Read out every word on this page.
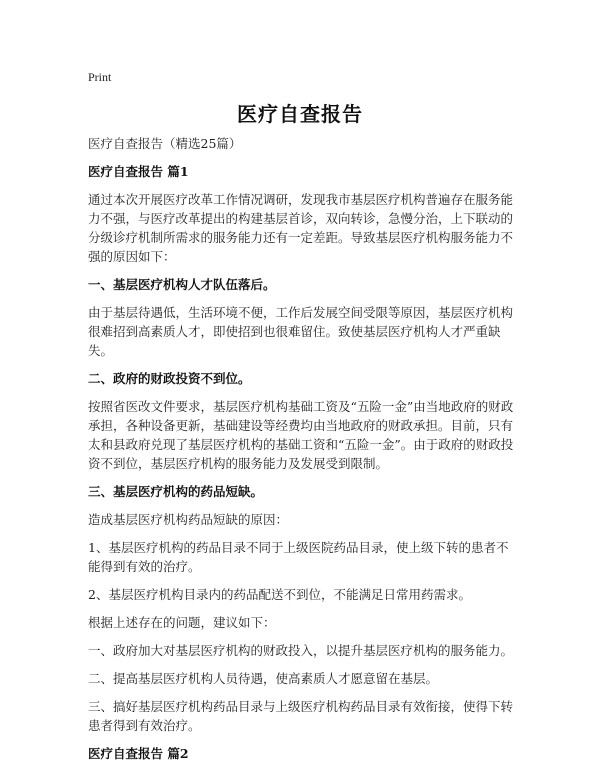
Print
医疗自查报告

医疗自查报告（精选25篇）

医疗自查报告 篇1

通过本次开展医疗改革工作情况调研，发现我市基层医疗机构普遍存在服务能力不强，与医疗改革提出的构建基层首诊，双向转诊，急慢分治，上下联动的分级诊疗机制所需求的服务能力还有一定差距。导致基层医疗机构服务能力不强的原因如下：

一、基层医疗机构人才队伍落后。

由于基层待遇低，生活环境不便，工作后发展空间受限等原因，基层医疗机构很难招到高素质人才，即使招到也很难留住。致使基层医疗机构人才严重缺失。

二、政府的财政投资不到位。

按照省医改文件要求，基层医疗机构基础工资及“五险一金”由当地政府的财政承担，各种设备更新，基础建设等经费均由当地政府的财政承担。目前，只有太和县政府兑现了基层医疗机构的基础工资和“五险一金”。由于政府的财政投资不到位，基层医疗机构的服务能力及发展受到限制。

三、基层医疗机构的药品短缺。

造成基层医疗机构药品短缺的原因：

1、基层医疗机构的药品目录不同于上级医院药品目录，使上级下转的患者不能得到有效的治疗。

2、基层医疗机构目录内的药品配送不到位，不能满足日常用药需求。

根据上述存在的问题，建议如下：

一、政府加大对基层医疗机构的财政投入，以提升基层医疗机构的服务能力。

二、提高基层医疗机构人员待遇，使高素质人才愿意留在基层。

三、搞好基层医疗机构药品目录与上级医疗机构药品目录有效衔接，使得下转患者得到有效治疗。

医疗自查报告 篇2
